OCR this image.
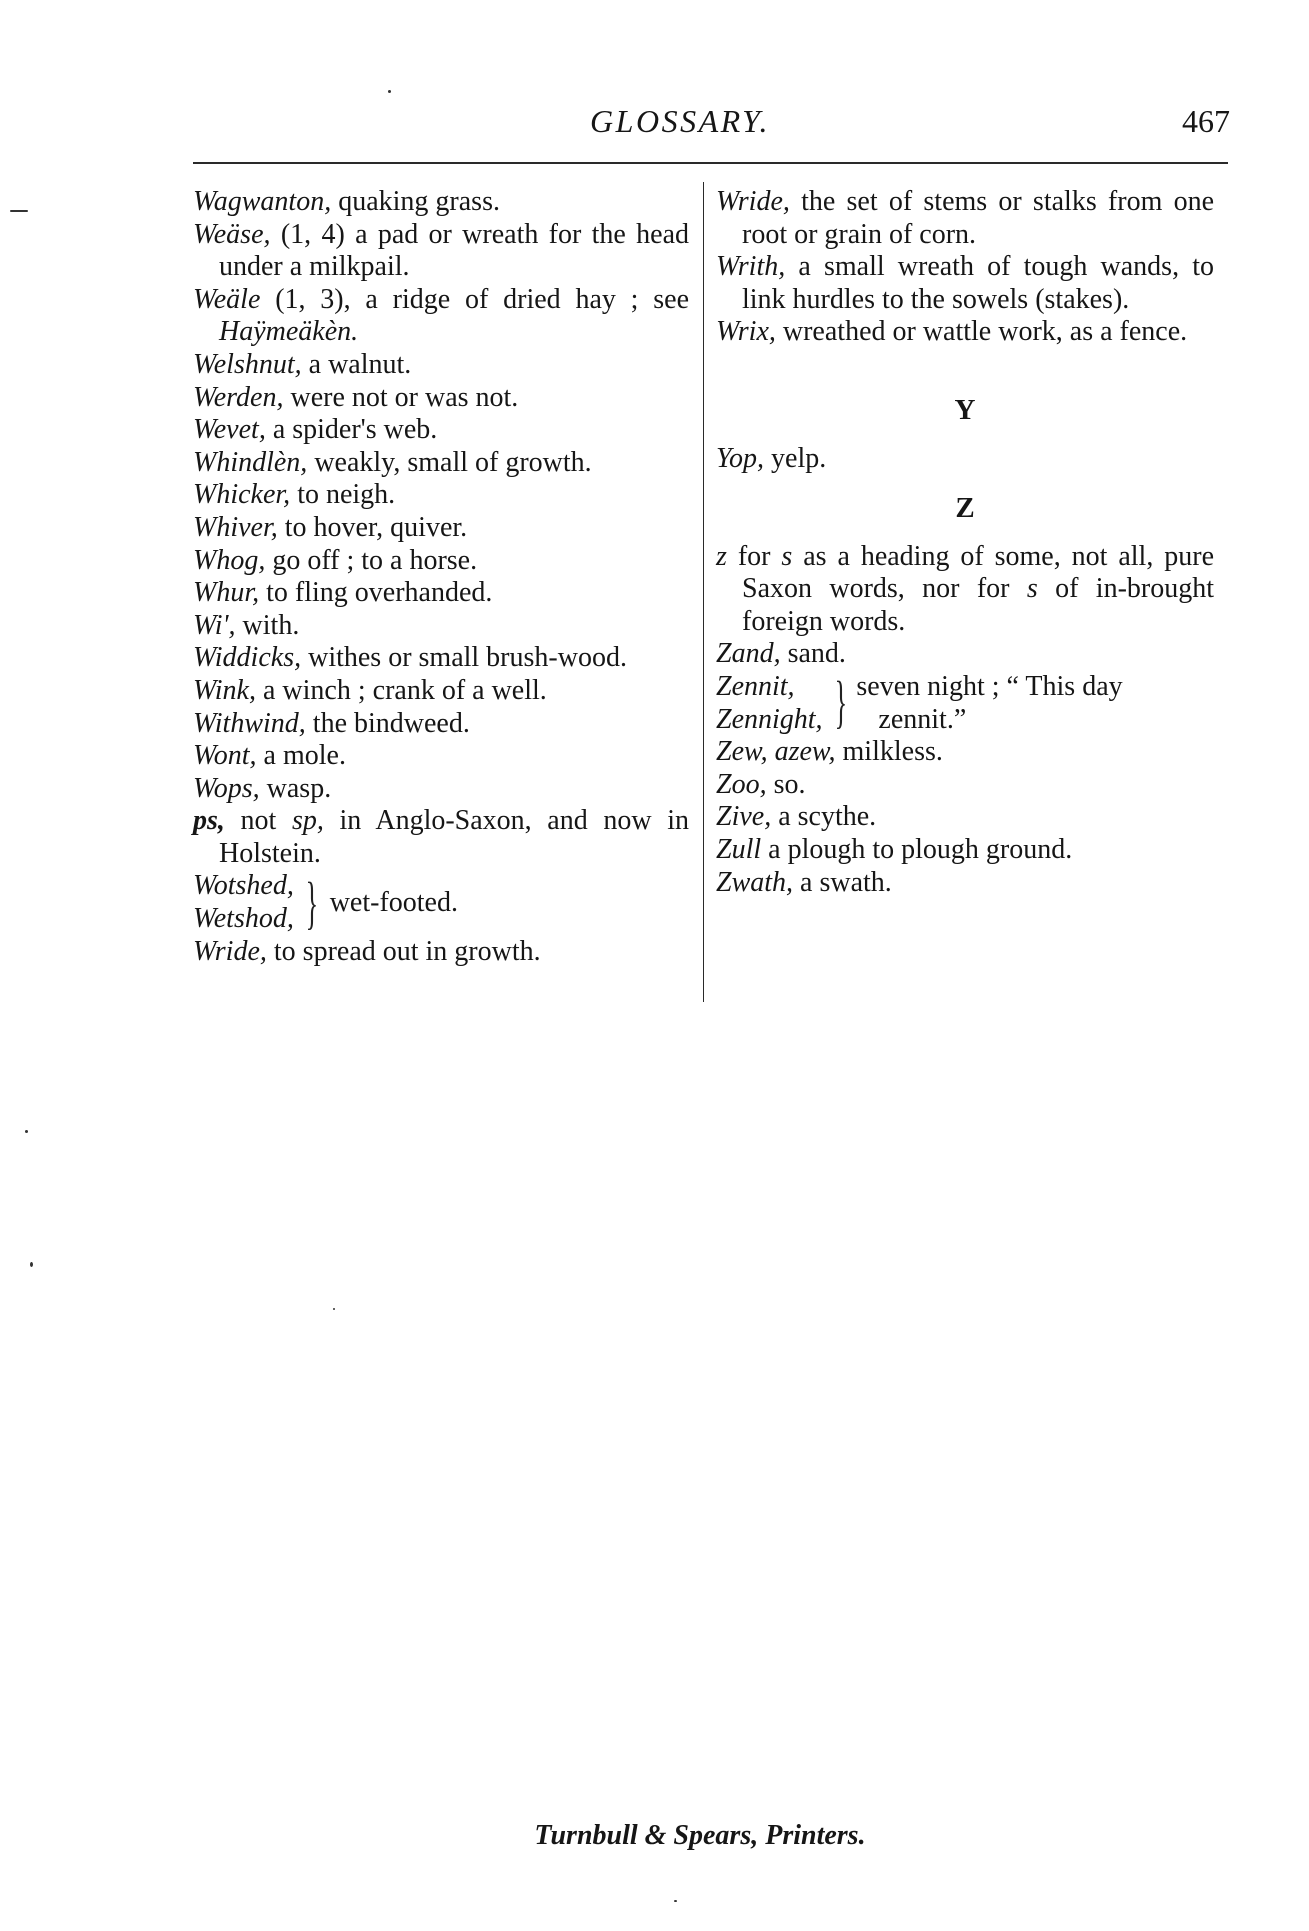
GLOSSARY.	467
Wagwanton, quaking grass.
Weäse, (1, 4) a pad or wreath for the head under a milkpail.
Weäle (1, 3), a ridge of dried hay ; see Haÿmeäkèn.
Welshnut, a walnut.
Werden, were not or was not.
Wevet, a spider's web.
Whindlèn, weakly, small of growth.
Whicker, to neigh.
Whiver, to hover, quiver.
Whog, go off ; to a horse.
Whur, to fling overhanded.
Wi', with.
Widdicks, withes or small brush-wood.
Wink, a winch ; crank of a well.
Withwind, the bindweed.
Wont, a mole.
Wops, wasp.
ps, not sp, in Anglo-Saxon, and now in Holstein.
Wotshed,
Wetshod, } wet-footed.
Wride, to spread out in growth.
Wride, the set of stems or stalks from one root or grain of corn.
Writh, a small wreath of tough wands, to link hurdles to the sowels (stakes).
Wrix, wreathed or wattle work, as a fence.
Y
Yop, yelp.
Z
z for s as a heading of some, not all, pure Saxon words, nor for s of in-brought foreign words.
Zand, sand.
Zennit,
Zennight, } seven night ; “ This day
zennit.”
Zew, azew, milkless.
Zoo, so.
Zive, a scythe.
Zull a plough to plough ground.
Zwath, a swath.
Turnbull & Spears, Printers.
